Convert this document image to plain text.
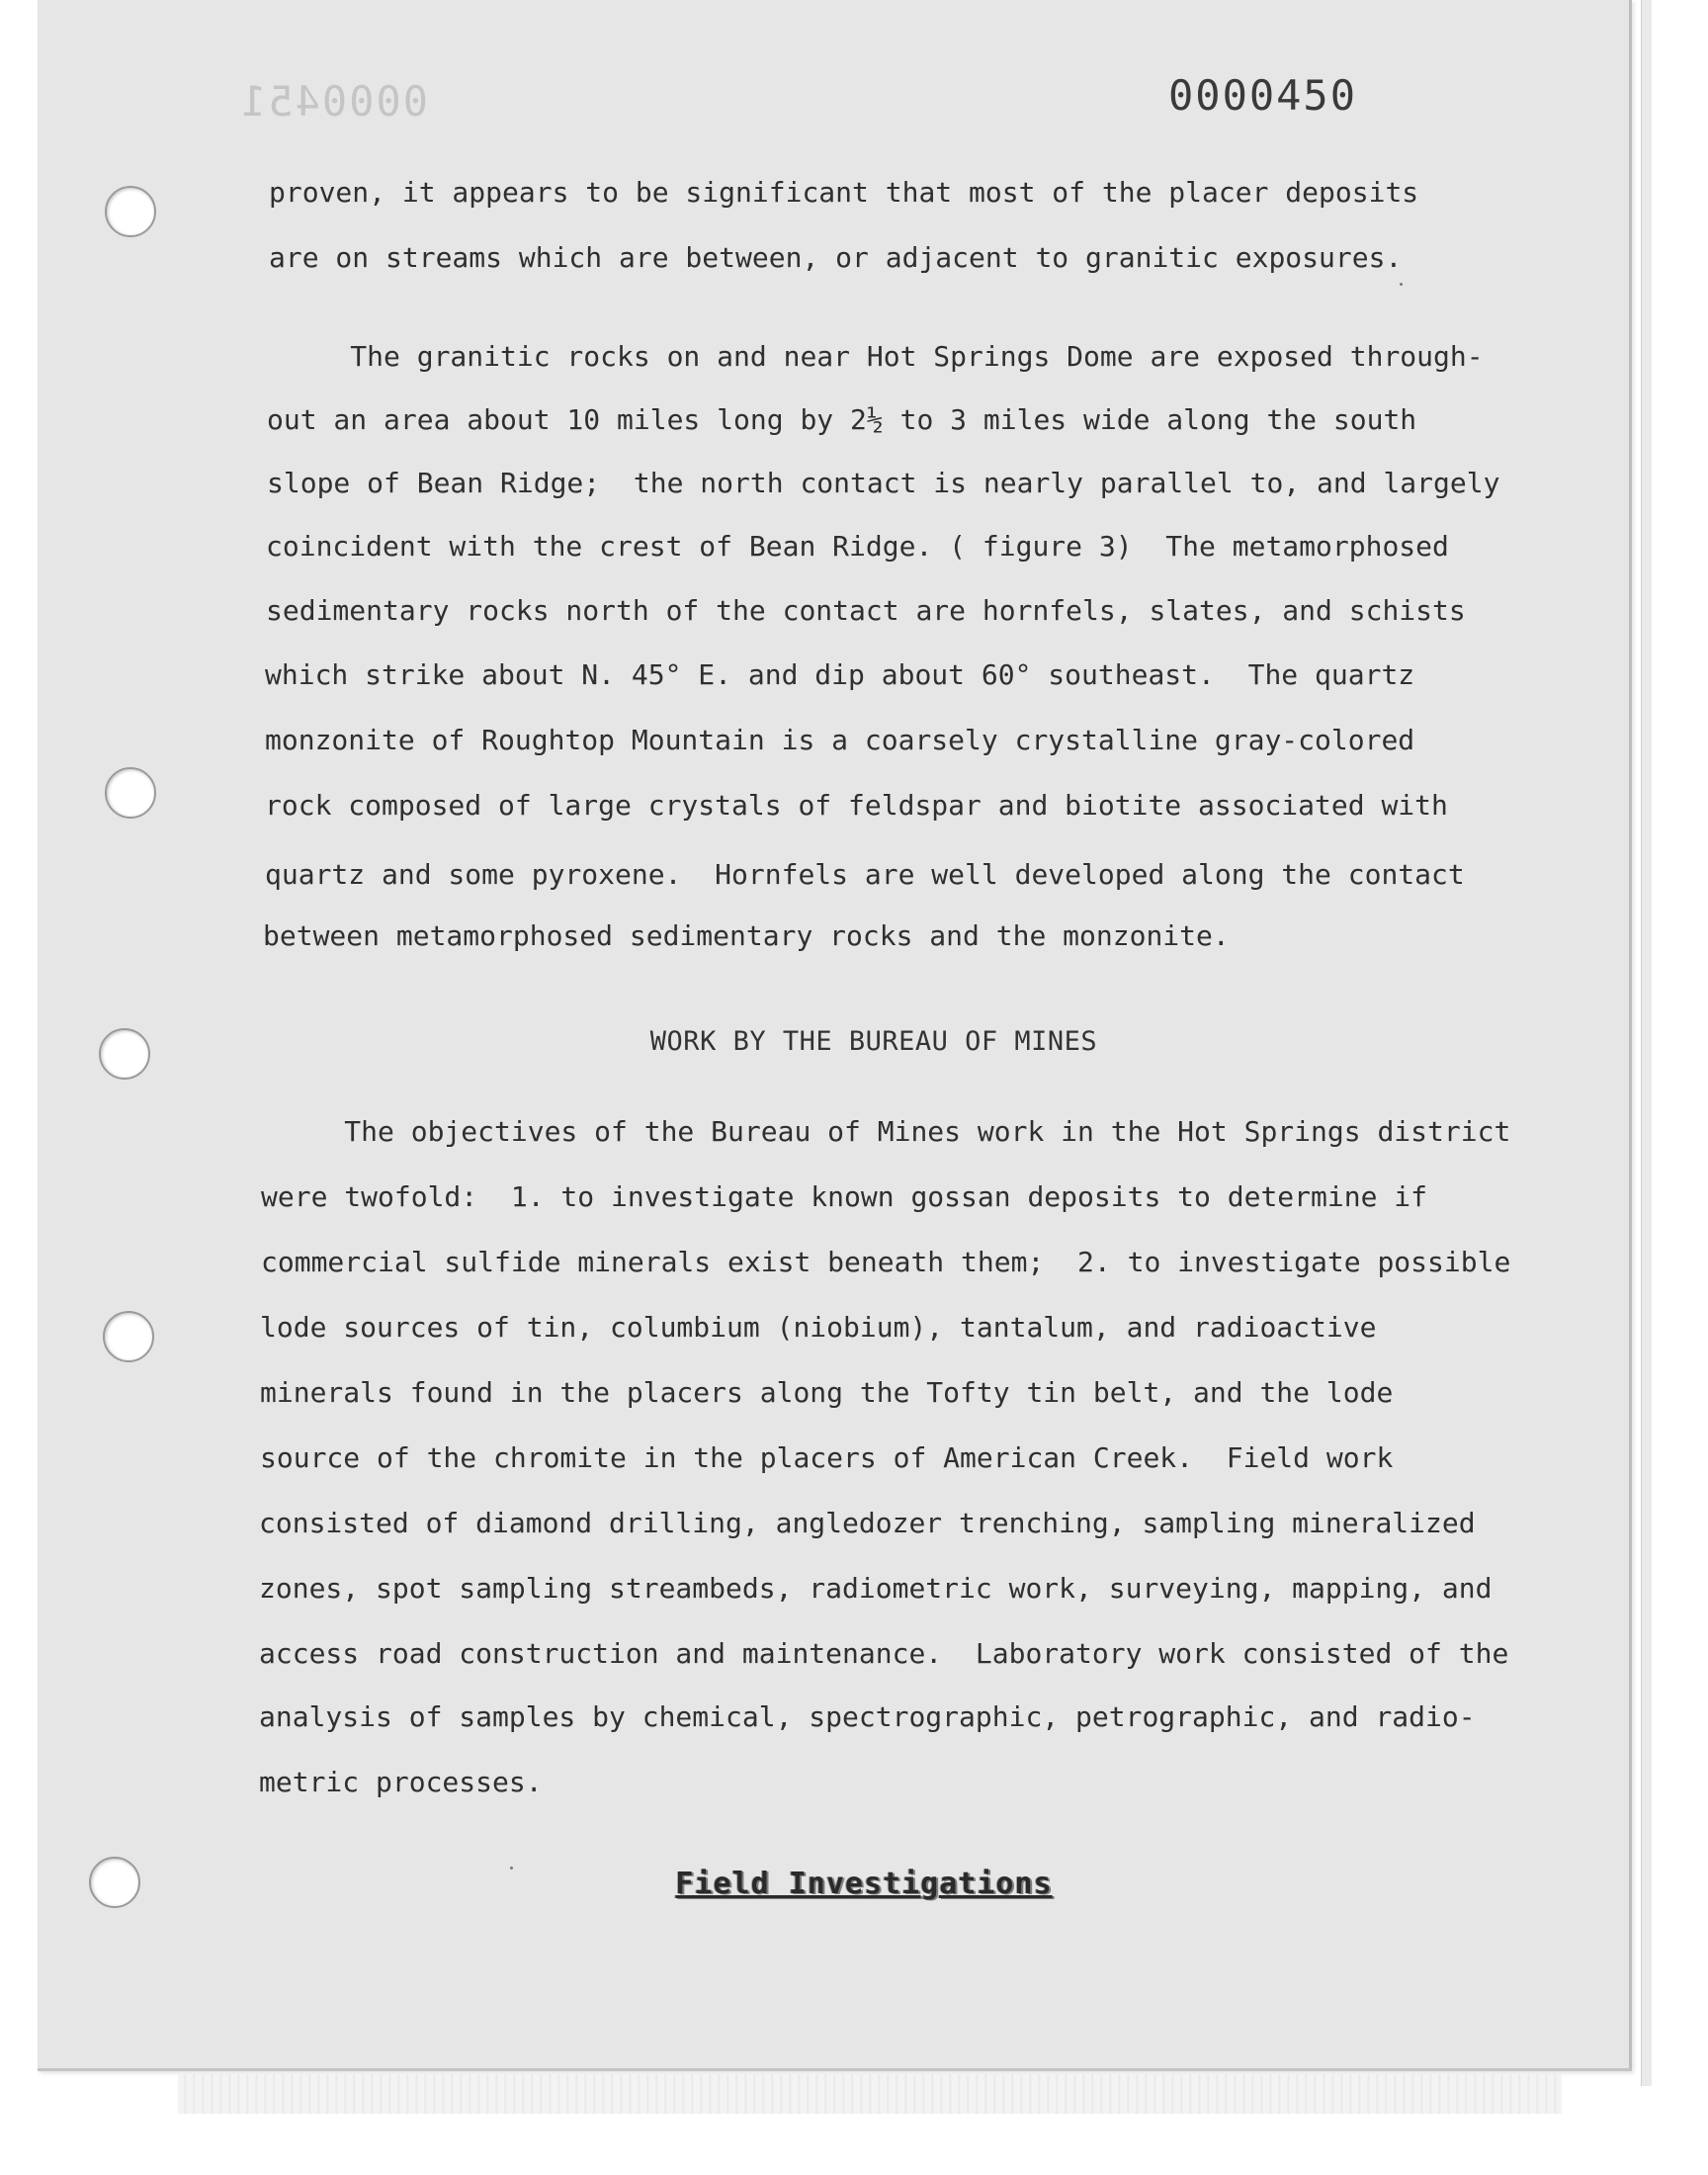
0000451	0000450
proven, it appears to be significant that most of the placer deposits
are on streams which are between, or adjacent to granitic exposures.
The granitic rocks on and near Hot Springs Dome are exposed through-
out an area about 10 miles long by 2½ to 3 miles wide along the south
slope of Bean Ridge;  the north contact is nearly parallel to, and largely
coincident with the crest of Bean Ridge. ( figure 3)  The metamorphosed
sedimentary rocks north of the contact are hornfels, slates, and schists
which strike about N. 45° E. and dip about 60° southeast.  The quartz
monzonite of Roughtop Mountain is a coarsely crystalline gray-colored
rock composed of large crystals of feldspar and biotite associated with
quartz and some pyroxene.  Hornfels are well developed along the contact
between metamorphosed sedimentary rocks and the monzonite.
WORK BY THE BUREAU OF MINES
The objectives of the Bureau of Mines work in the Hot Springs district
were twofold:  1. to investigate known gossan deposits to determine if
commercial sulfide minerals exist beneath them;  2. to investigate possible
lode sources of tin, columbium (niobium), tantalum, and radioactive
minerals found in the placers along the Tofty tin belt, and the lode
source of the chromite in the placers of American Creek.  Field work
consisted of diamond drilling, angledozer trenching, sampling mineralized
zones, spot sampling streambeds, radiometric work, surveying, mapping, and
access road construction and maintenance.  Laboratory work consisted of the
analysis of samples by chemical, spectrographic, petrographic, and radio-
metric processes.
Field Investigations
